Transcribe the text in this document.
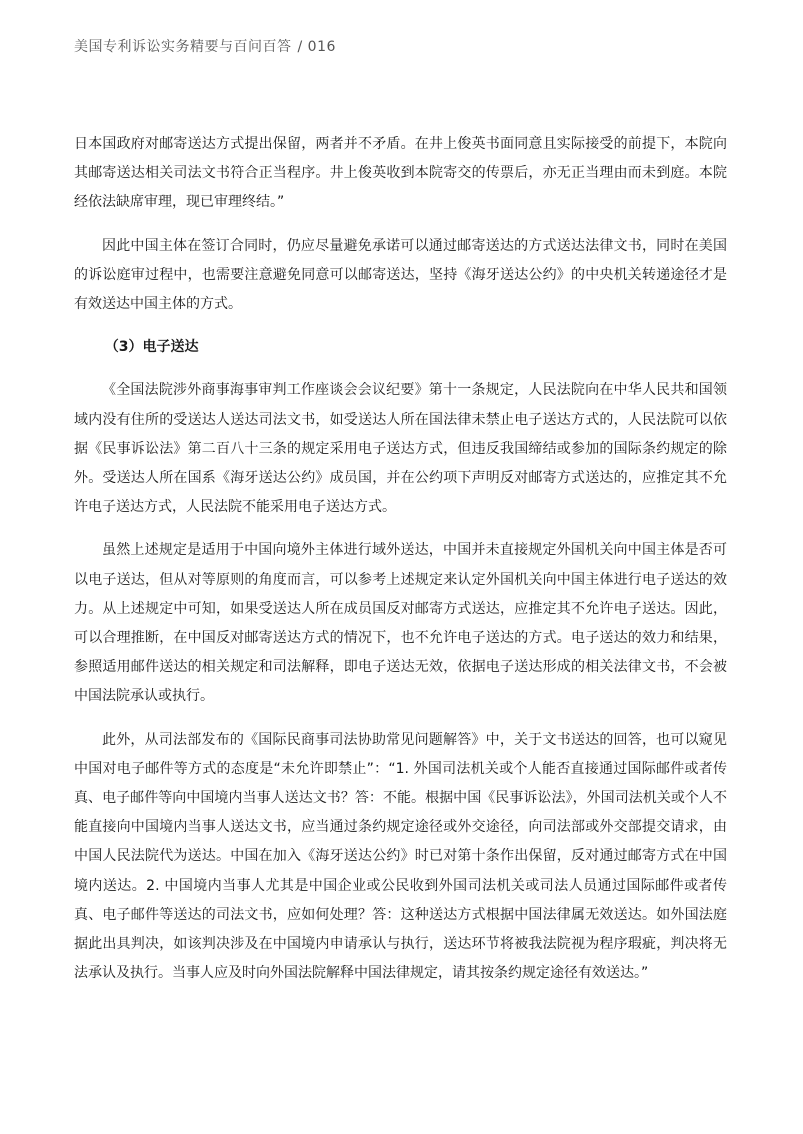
美国专利诉讼实务精要与百问百答 / 016

日本国政府对邮寄送达方式提出保留，两者并不矛盾。在井上俊英书面同意且实际接受的前提下，本院向其邮寄送达相关司法文书符合正当程序。井上俊英收到本院寄交的传票后，亦无正当理由而未到庭。本院经依法缺席审理，现已审理终结。”

因此中国主体在签订合同时，仍应尽量避免承诺可以通过邮寄送达的方式送达法律文书，同时在美国的诉讼庭审过程中，也需要注意避免同意可以邮寄送达，坚持《海牙送达公约》的中央机关转递途径才是有效送达中国主体的方式。

（3）电子送达

《全国法院涉外商事海事审判工作座谈会会议纪要》第十一条规定，人民法院向在中华人民共和国领域内没有住所的受送达人送达司法文书，如受送达人所在国法律未禁止电子送达方式的，人民法院可以依据《民事诉讼法》第二百八十三条的规定采用电子送达方式，但违反我国缔结或参加的国际条约规定的除外。受送达人所在国系《海牙送达公约》成员国，并在公约项下声明反对邮寄方式送达的，应推定其不允许电子送达方式，人民法院不能采用电子送达方式。

虽然上述规定是适用于中国向境外主体进行域外送达，中国并未直接规定外国机关向中国主体是否可以电子送达，但从对等原则的角度而言，可以参考上述规定来认定外国机关向中国主体进行电子送达的效力。从上述规定中可知，如果受送达人所在成员国反对邮寄方式送达，应推定其不允许电子送达。因此，可以合理推断，在中国反对邮寄送达方式的情况下，也不允许电子送达的方式。电子送达的效力和结果，参照适用邮件送达的相关规定和司法解释，即电子送达无效，依据电子送达形成的相关法律文书，不会被中国法院承认或执行。

此外，从司法部发布的《国际民商事司法协助常见问题解答》中，关于文书送达的回答，也可以窥见中国对电子邮件等方式的态度是“未允许即禁止”：“1. 外国司法机关或个人能否直接通过国际邮件或者传真、电子邮件等向中国境内当事人送达文书？答：不能。根据中国《民事诉讼法》，外国司法机关或个人不能直接向中国境内当事人送达文书，应当通过条约规定途径或外交途径，向司法部或外交部提交请求，由中国人民法院代为送达。中国在加入《海牙送达公约》时已对第十条作出保留，反对通过邮寄方式在中国境内送达。2. 中国境内当事人尤其是中国企业或公民收到外国司法机关或司法人员通过国际邮件或者传真、电子邮件等送达的司法文书，应如何处理？答：这种送达方式根据中国法律属无效送达。如外国法庭据此出具判决，如该判决涉及在中国境内申请承认与执行，送达环节将被我法院视为程序瑕疵，判决将无法承认及执行。当事人应及时向外国法院解释中国法律规定，请其按条约规定途径有效送达。”
